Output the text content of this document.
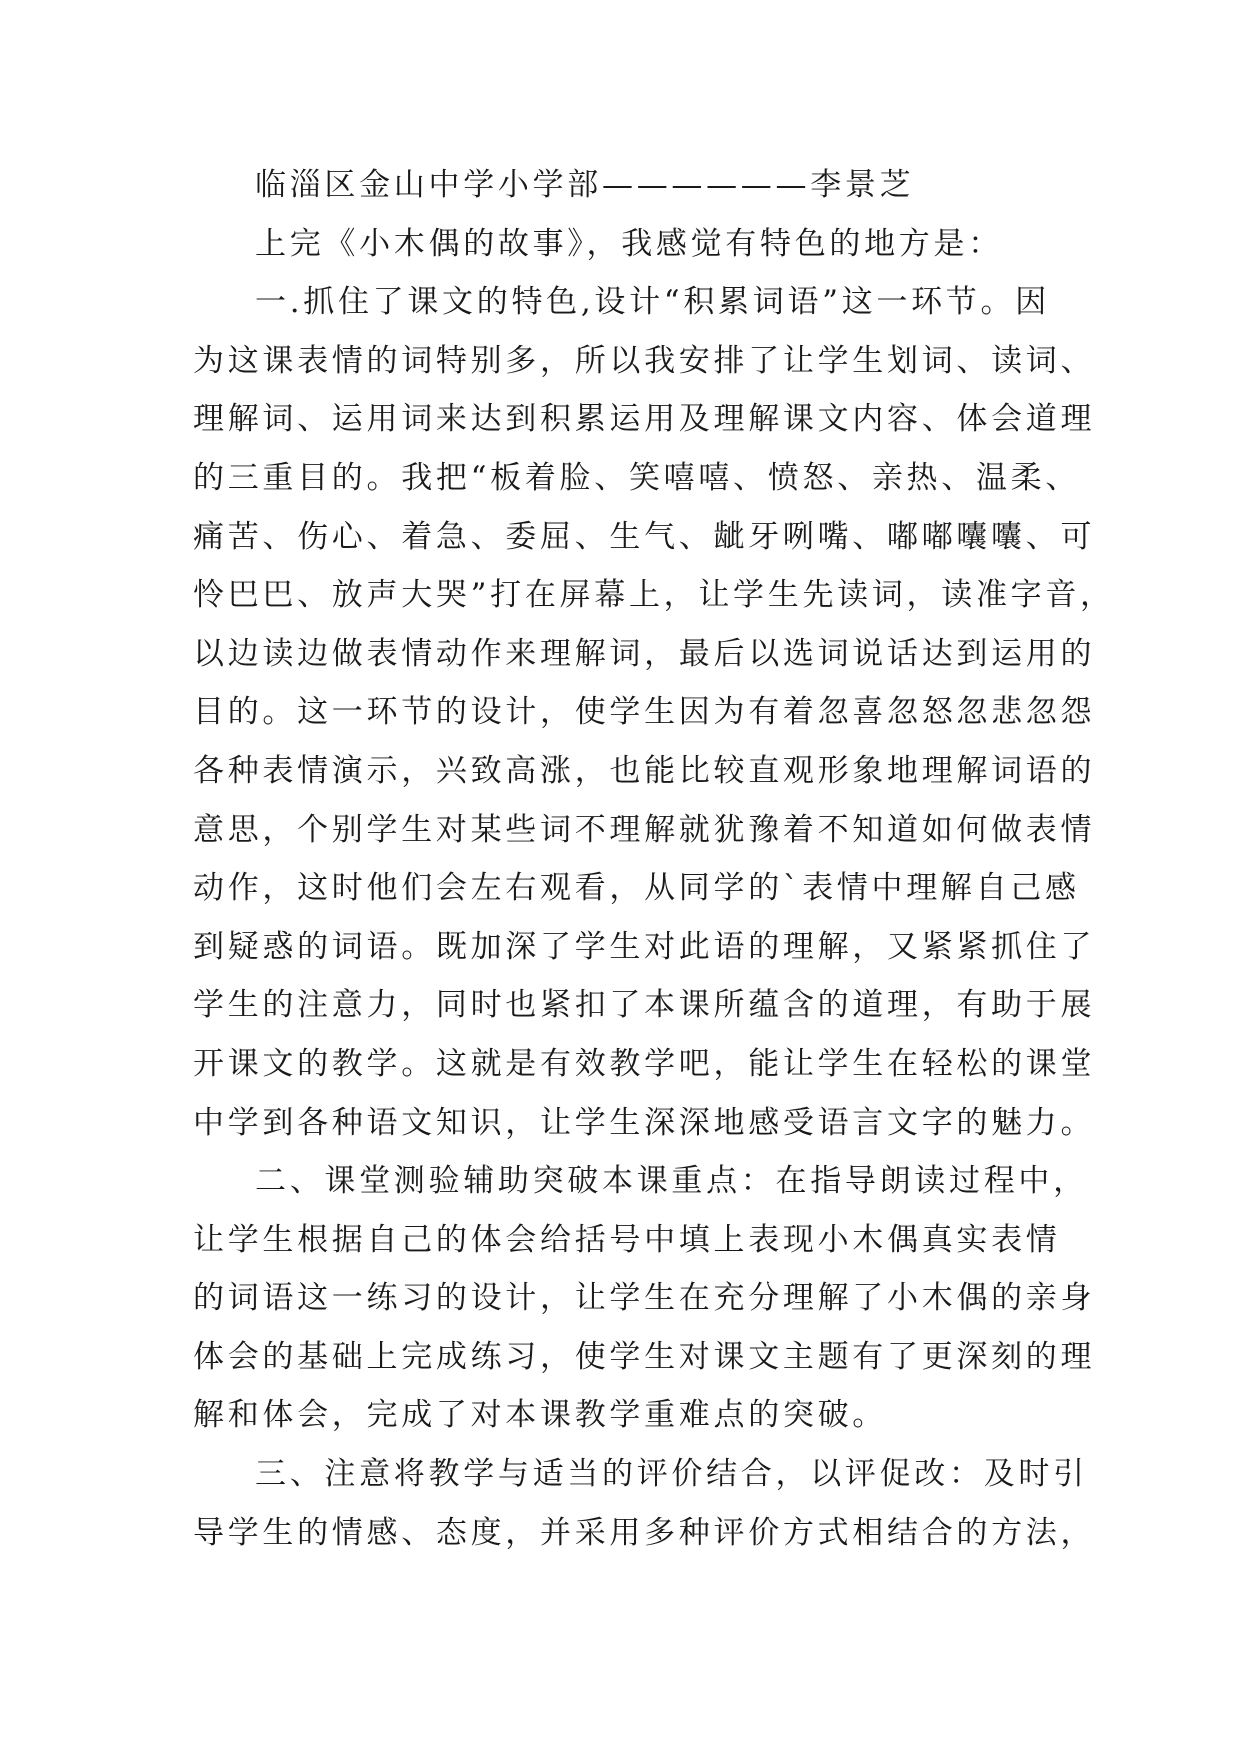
临淄区金山中学小学部——————李景芝
上完《小木偶的故事》，我感觉有特色的地方是：
一.抓住了课文的特色,设计“积累词语”这一环节。因
为这课表情的词特别多，所以我安排了让学生划词、读词、
理解词、运用词来达到积累运用及理解课文内容、体会道理
的三重目的。我把“板着脸、笑嘻嘻、愤怒、亲热、温柔、
痛苦、伤心、着急、委屈、生气、龇牙咧嘴、嘟嘟囔囔、可
怜巴巴、放声大哭”打在屏幕上，让学生先读词，读准字音，
以边读边做表情动作来理解词，最后以选词说话达到运用的
目的。这一环节的设计，使学生因为有着忽喜忽怒忽悲忽怨
各种表情演示，兴致高涨，也能比较直观形象地理解词语的
意思，个别学生对某些词不理解就犹豫着不知道如何做表情
动作，这时他们会左右观看，从同学的`表情中理解自己感
到疑惑的词语。既加深了学生对此语的理解，又紧紧抓住了
学生的注意力，同时也紧扣了本课所蕴含的道理，有助于展
开课文的教学。这就是有效教学吧，能让学生在轻松的课堂
中学到各种语文知识，让学生深深地感受语言文字的魅力。
二、课堂测验辅助突破本课重点：在指导朗读过程中，
让学生根据自己的体会给括号中填上表现小木偶真实表情
的词语这一练习的设计，让学生在充分理解了小木偶的亲身
体会的基础上完成练习，使学生对课文主题有了更深刻的理
解和体会，完成了对本课教学重难点的突破。
三、注意将教学与适当的评价结合，以评促改：及时引
导学生的情感、态度，并采用多种评价方式相结合的方法，
